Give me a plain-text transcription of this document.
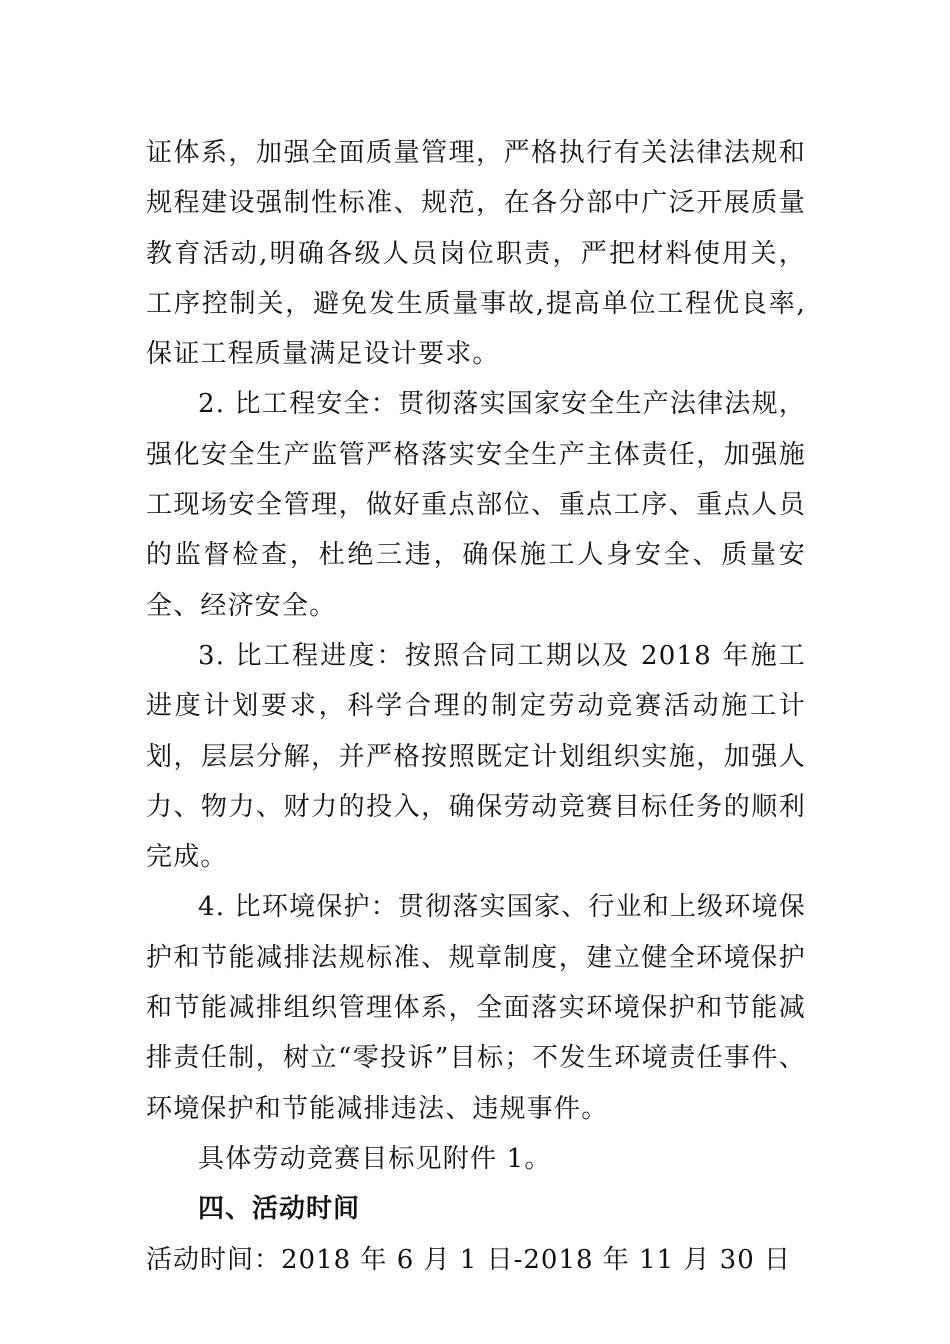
证体系，加强全面质量管理，严格执行有关法律法规和规程建设强制性标准、规范，在各分部中广泛开展质量教育活动,明确各级人员岗位职责，严把材料使用关，工序控制关，避免发生质量事故,提高单位工程优良率,保证工程质量满足设计要求。

2. 比工程安全：贯彻落实国家安全生产法律法规，强化安全生产监管严格落实安全生产主体责任，加强施工现场安全管理，做好重点部位、重点工序、重点人员的监督检查，杜绝三违，确保施工人身安全、质量安全、经济安全。

3. 比工程进度：按照合同工期以及 2018 年施工进度计划要求，科学合理的制定劳动竞赛活动施工计划，层层分解，并严格按照既定计划组织实施，加强人力、物力、财力的投入，确保劳动竞赛目标任务的顺利完成。

4. 比环境保护：贯彻落实国家、行业和上级环境保护和节能减排法规标准、规章制度，建立健全环境保护和节能减排组织管理体系，全面落实环境保护和节能减排责任制，树立“零投诉”目标；不发生环境责任事件、环境保护和节能减排违法、违规事件。

具体劳动竞赛目标见附件 1。

四、活动时间

活动时间：2018 年 6 月 1 日-2018 年 11 月 30 日
